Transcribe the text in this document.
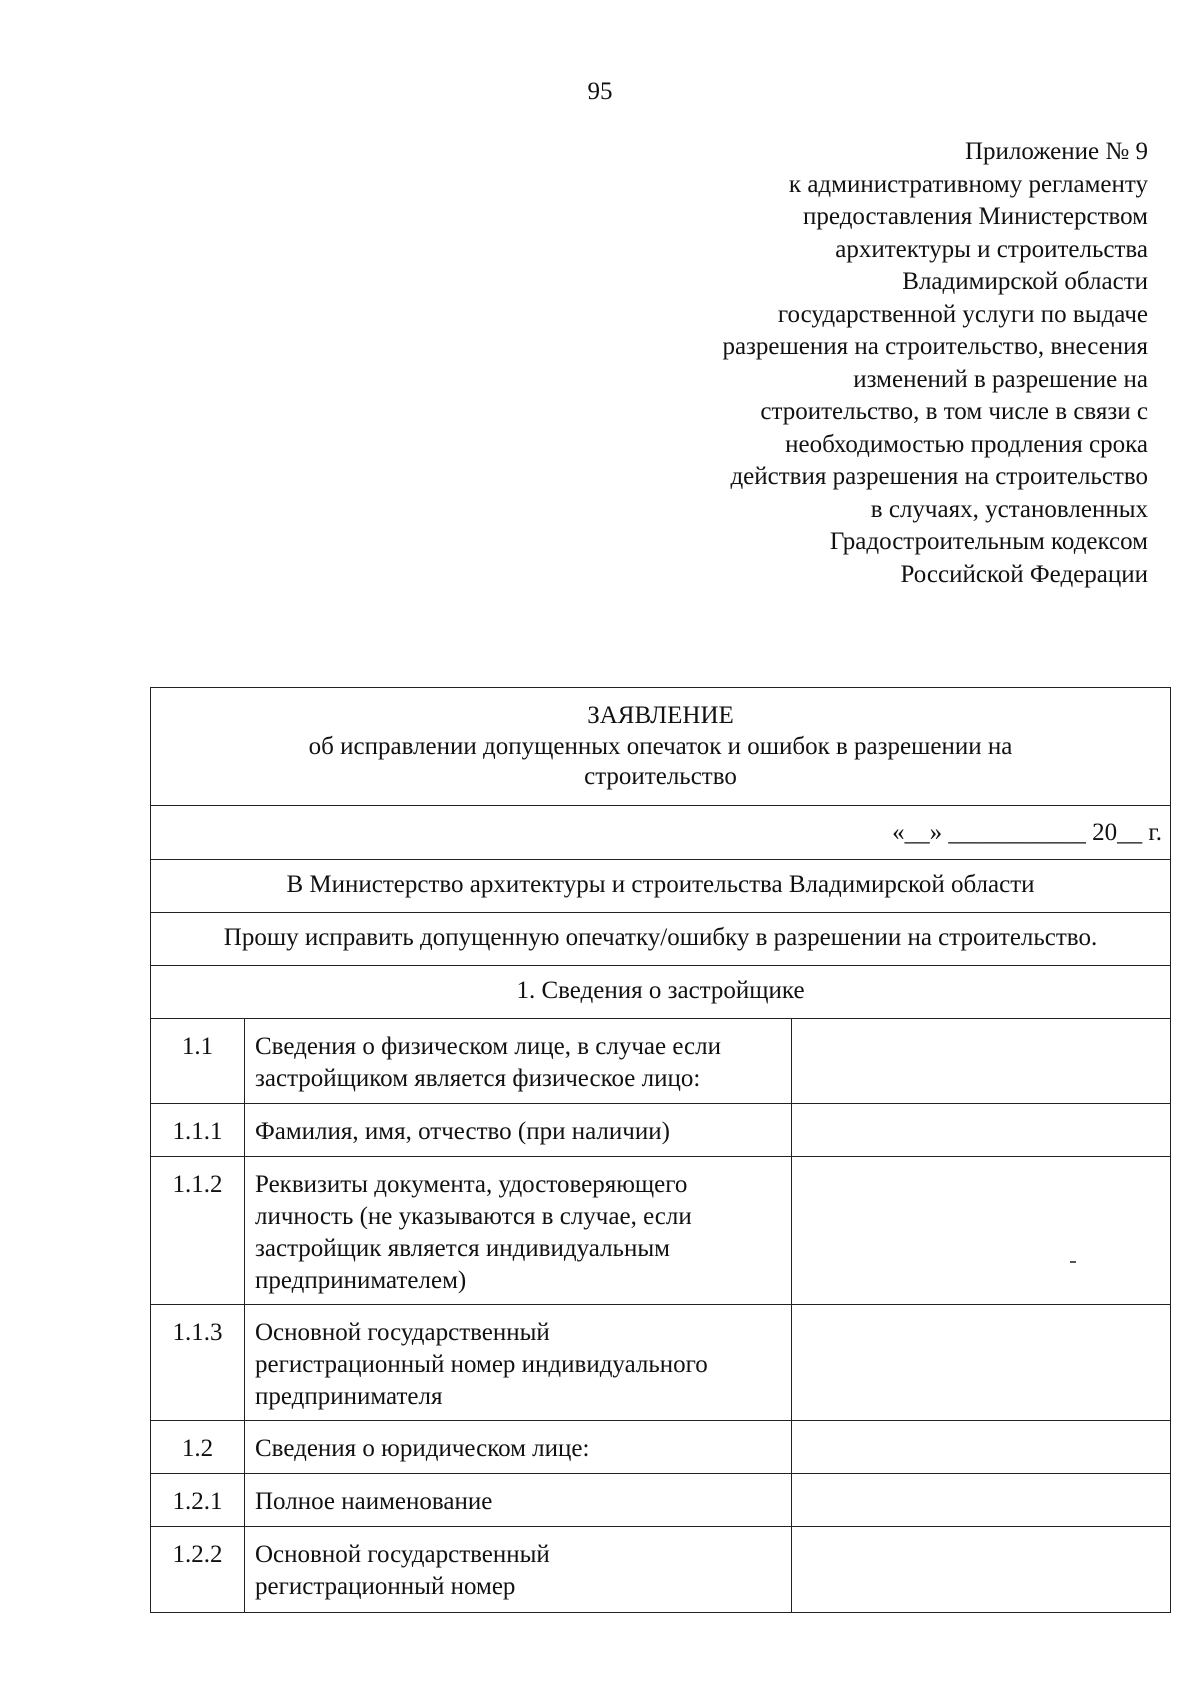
95
Приложение № 9
к административному регламенту
предоставления Министерством
архитектуры и строительства
Владимирской области
государственной услуги по выдаче
разрешения на строительство, внесения
изменений в разрешение на
строительство, в том числе в связи с
необходимостью продления срока
действия разрешения на строительство
в случаях, установленных
Градостроительным кодексом
Российской Федерации
ЗАЯВЛЕНИЕ
об исправлении допущенных опечаток и ошибок в разрешении на
строительство		

«__» ___________ 20__ г.		

В Министерство архитектуры и строительства Владимирской области		

Прошу исправить допущенную опечатку/ошибку в разрешении на строительство.		

1. Сведения о застройщике		

1.1	Сведения о физическом лице, в случае если
застройщиком является физическое лицо:	

1.1.1	Фамилия, имя, отчество (при наличии)	

1.1.2	Реквизиты документа, удостоверяющего
личность (не указываются в случае, если
застройщик является индивидуальным
предпринимателем)	

1.1.3	Основной государственный
регистрационный номер индивидуального
предпринимателя	

1.2	Сведения о юридическом лице:	

1.2.1	Полное наименование	

1.2.2	Основной государственный
регистрационный номер	
